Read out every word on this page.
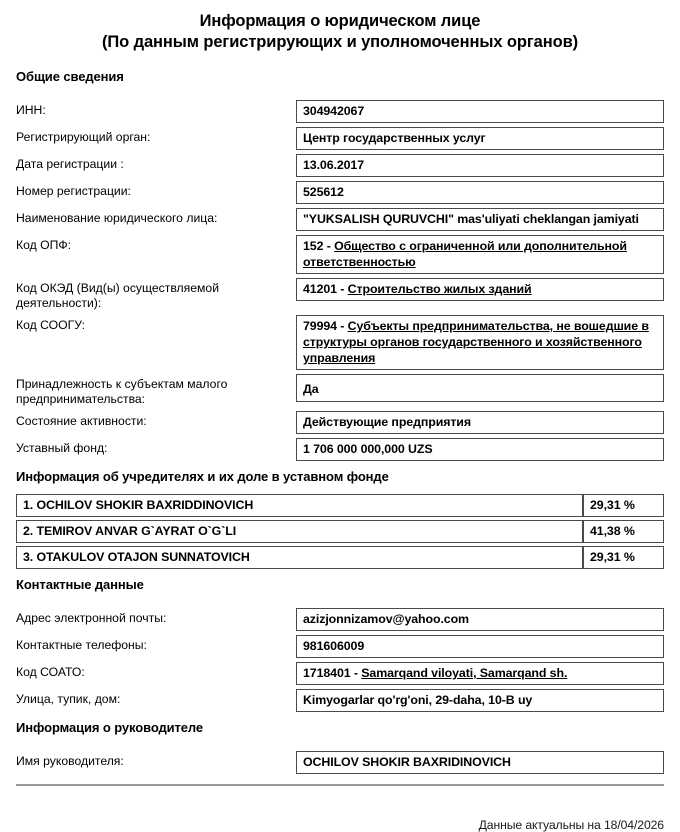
Информация о юридическом лице
(По данным регистрирующих и уполномоченных органов)
Общие сведения
ИНН:	304942067
Регистрирующий орган:	Центр государственных услуг
Дата регистрации :	13.06.2017
Номер регистрации:	525612
Наименование юридического лица:	"YUKSALISH QURUVCHI" mas'uliyati cheklangan jamiyati
Код ОПФ:	152 - Общество с ограниченной или дополнительной ответственностью
Код ОКЭД (Вид(ы) осуществляемой деятельности):
41201 - Строительство жилых зданий
Код СООГУ:	79994 - Субъекты предпринимательства, не вошедшие в структуры органов государственного и хозяйственного управления
Принадлежность к субъектам малого предпринимательства:
Да
Состояние активности:	Действующие предприятия
Уставный фонд:	1 706 000 000,000 UZS
Информация об учредителях и их доле в уставном фонде
1. OCHILOV SHOKIR BAXRIDDINOVICH	29,31 %
2. TEMIROV ANVAR G`AYRAT O`G`LI	41,38 %
3. OTAKULOV OTAJON SUNNATOVICH	29,31 %
Контактные данные
Адрес электронной почты:	azizjonnizamov@yahoo.com
Контактные телефоны:	981606009
Код СОАТО:	1718401 - Samarqand viloyati, Samarqand sh.
Улица, тупик, дом:	Kimyogarlar qo'rg'oni, 29-daha, 10-B uy
Информация о руководителе
Имя руководителя:	OCHILOV SHOKIR BAXRIDINOVICH
Данные актуальны на 18/04/2026
